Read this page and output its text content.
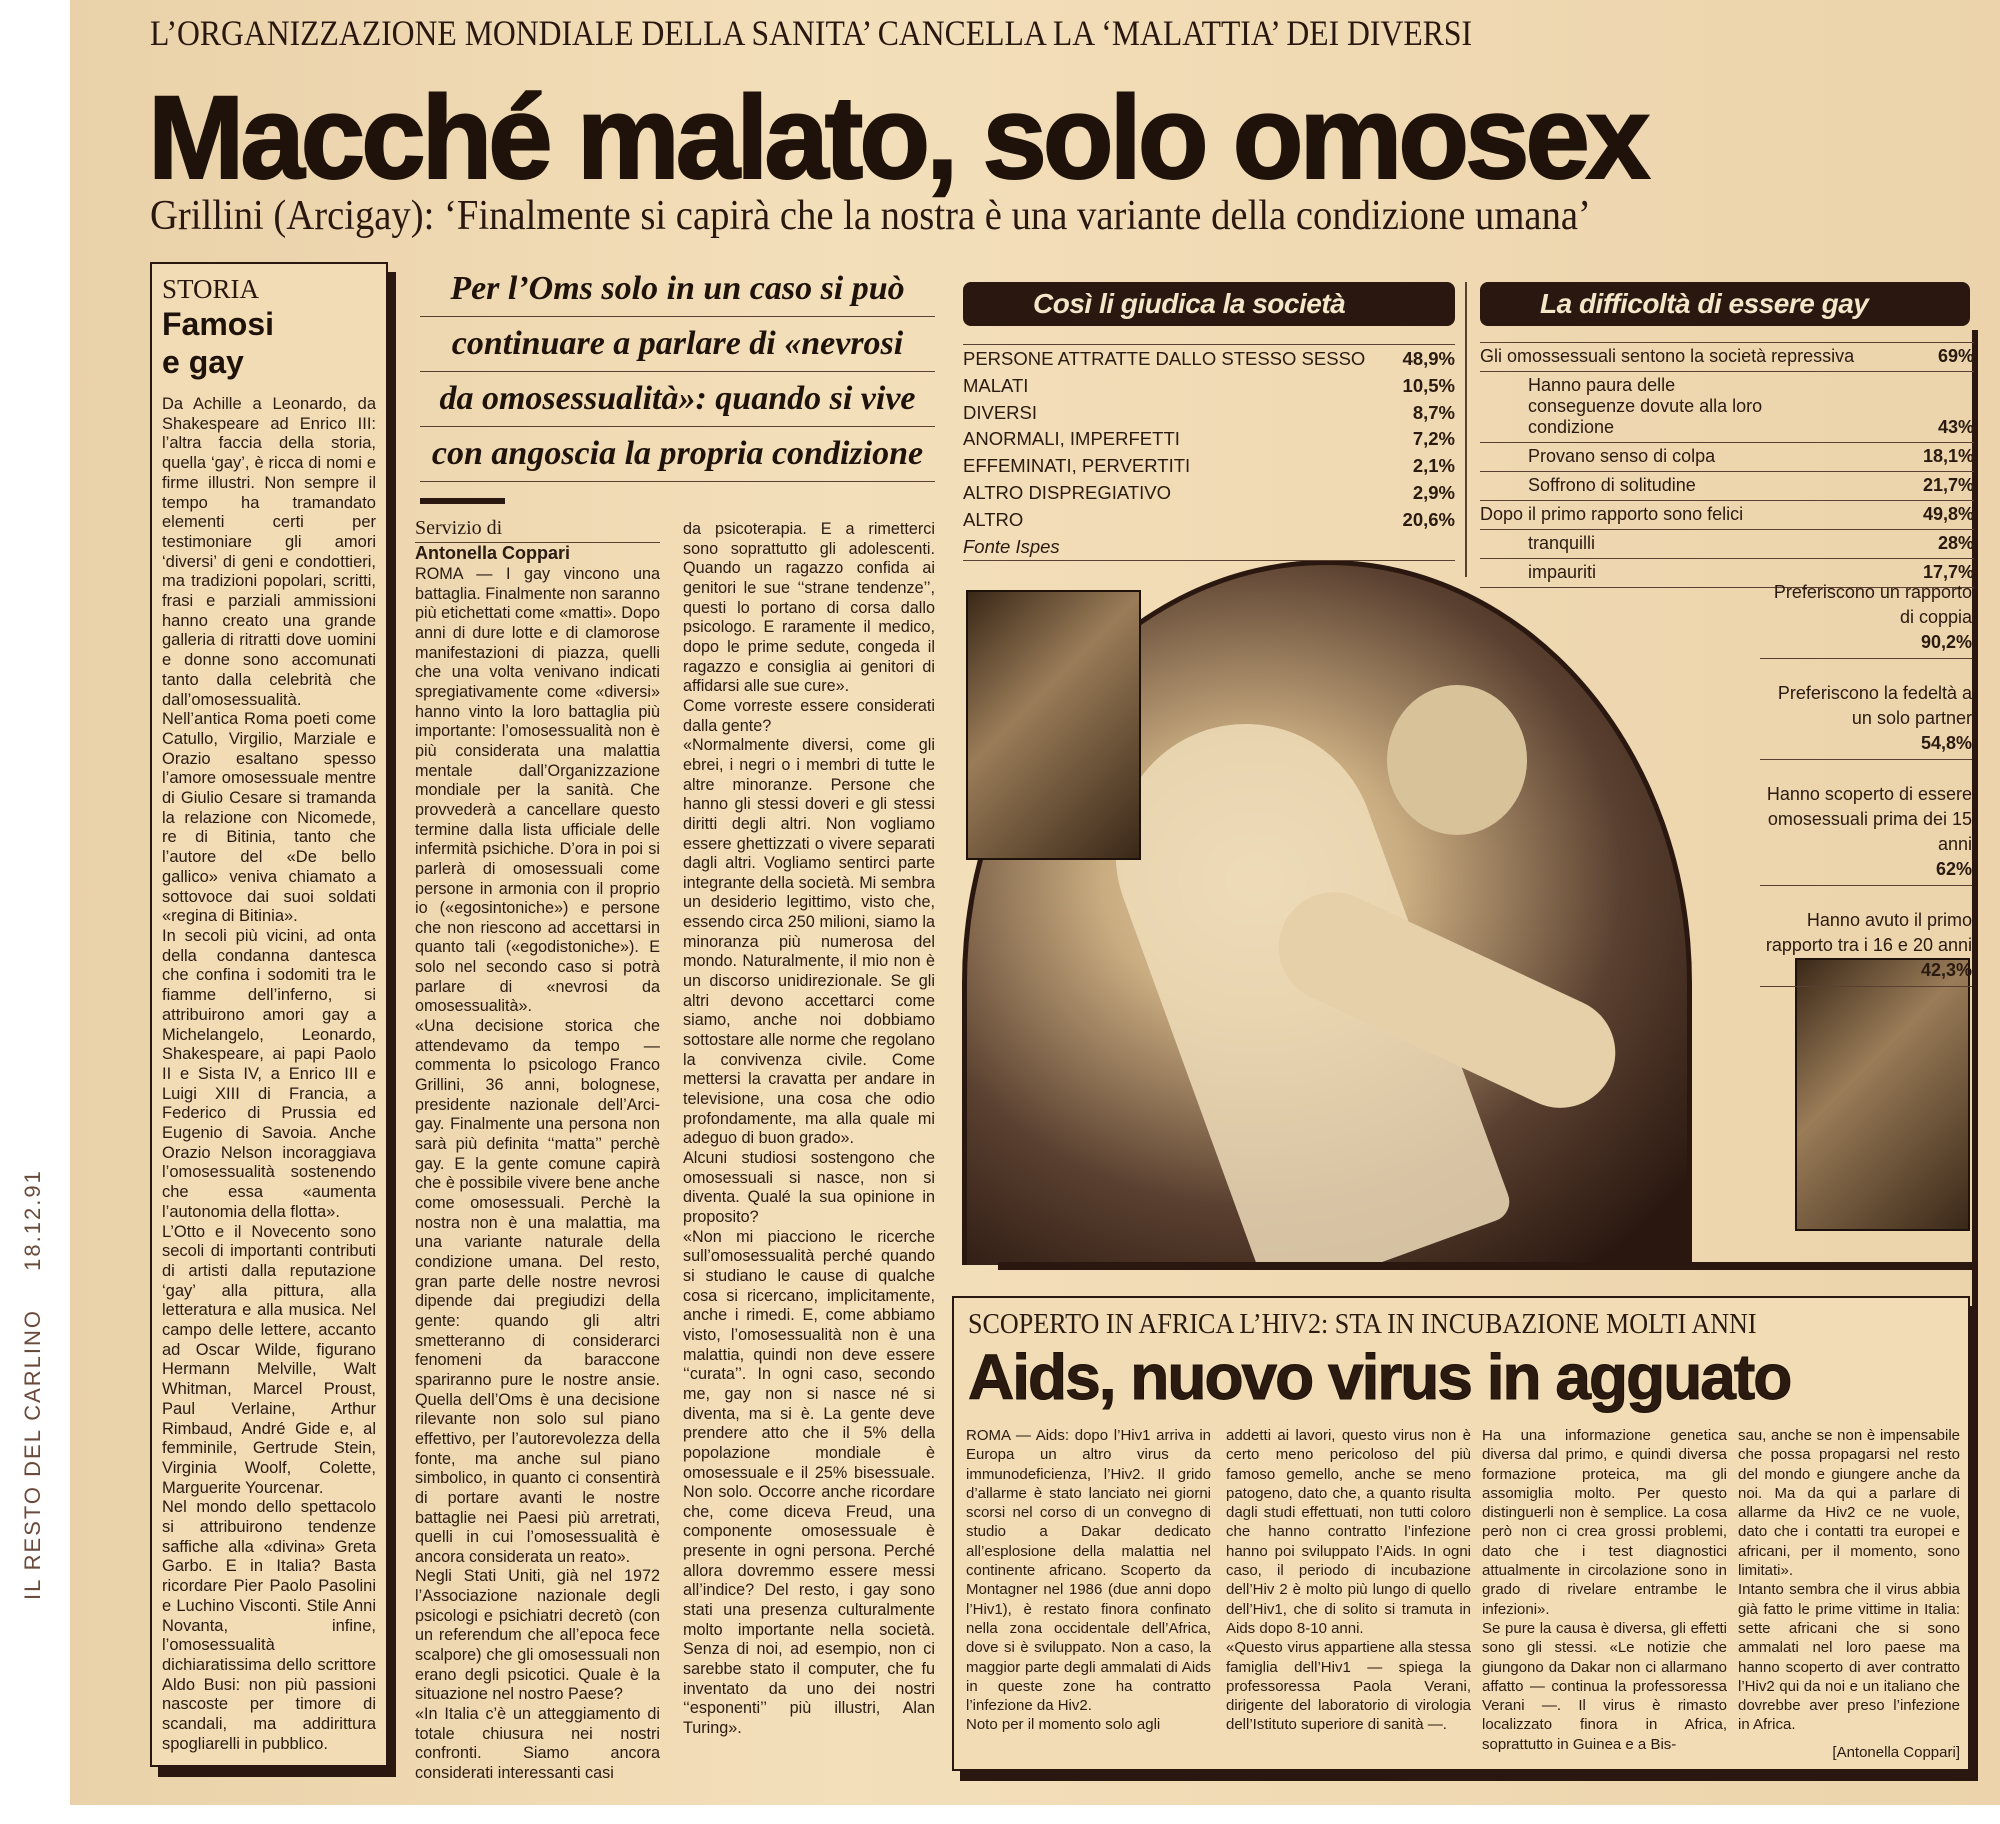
IL RESTO DEL CARLINO 18.12.91
L’ORGANIZZAZIONE MONDIALE DELLA SANITA’ CANCELLA LA ‘MALATTIA’ DEI DIVERSI
Macché malato, solo omosex
Grillini (Arcigay): ‘Finalmente si capirà che la nostra è una variante della condizione umana’
STORIA
Famosi
e gay

Da Achille a Leonardo, da Shakespeare ad Enrico III: l’altra faccia della storia, quella ‘gay’, è ricca di nomi e firme illustri. Non sempre il tempo ha tramandato elementi certi per testimoniare gli amori ‘diversi’ di geni e condottieri, ma tradizioni popolari, scritti, frasi e parziali ammissioni hanno creato una grande galleria di ritratti dove uomini e donne sono accomunati tanto dalla celebrità che dall’omosessualità. Nell’antica Roma poeti come Catullo, Virgilio, Marziale e Orazio esaltano spesso l’amore omosessuale mentre di Giulio Cesare si tramanda la relazione con Nicomede, re di Bitinia, tanto che l’autore del «De bello gallico» veniva chiamato a sottovoce dai suoi soldati «regina di Bitinia».

In secoli più vicini, ad onta della condanna dantesca che confina i sodomiti tra le fiamme dell’inferno, si attribuirono amori gay a Michelangelo, Leonardo, Shakespeare, ai papi Paolo II e Sista IV, a Enrico III e Luigi XIII di Francia, a Federico di Prussia ed Eugenio di Savoia. Anche Orazio Nelson incoraggiava l’omosessualità sostenendo che essa «aumenta l’autonomia della flotta».

L’Otto e il Novecento sono secoli di importanti contributi di artisti dalla reputazione ‘gay’ alla pittura, alla letteratura e alla musica. Nel campo delle lettere, accanto ad Oscar Wilde, figurano Hermann Melville, Walt Whitman, Marcel Proust, Paul Verlaine, Arthur Rimbaud, André Gide e, al femminile, Gertrude Stein, Virginia Woolf, Colette, Marguerite Yourcenar.

Nel mondo dello spettacolo si attribuirono tendenze saffiche alla «divina» Greta Garbo. E in Italia? Basta ricordare Pier Paolo Pasolini e Luchino Visconti. Stile Anni Novanta, infine, l’omosessualità dichiaratissima dello scrittore Aldo Busi: non più passioni nascoste per timore di scandali, ma addirittura spogliarelli in pubblico.

Per l’Oms solo in un caso si può
continuare a parlare di «nevrosi
da omosessualità»: quando si vive
con angoscia la propria condizione
Servizio di
Antonella Coppari

ROMA — I gay vincono una battaglia. Finalmente non saranno più etichettati come «matti». Dopo anni di dure lotte e di clamorose manifestazioni di piazza, quelli che una volta venivano indicati spregiativamente come «diversi» hanno vinto la loro battaglia più importante: l’omosessualità non è più considerata una malattia mentale dall’Organizzazione mondiale per la sanità. Che provvederà a cancellare questo termine dalla lista ufficiale delle infermità psichiche. D’ora in poi si parlerà di omosessuali come persone in armonia con il proprio io («egosintoniche») e persone che non riescono ad accettarsi in quanto tali («egodistoniche»). E solo nel secondo caso si potrà parlare di «nevrosi da omosessualità».

«Una decisione storica che attendevamo da tempo — commenta lo psicologo Franco Grillini, 36 anni, bolognese, presidente nazionale dell’Arci-gay. Finalmente una persona non sarà più definita ‘‘matta’’ perchè gay. E la gente comune capirà che è possibile vivere bene anche come omosessuali. Perchè la nostra non è una malattia, ma una variante naturale della condizione umana. Del resto, gran parte delle nostre nevrosi dipende dai pregiudizi della gente: quando gli altri smetteranno di considerarci fenomeni da baraccone spariranno pure le nostre ansie. Quella dell’Oms è una decisione rilevante non solo sul piano effettivo, per l’autorevolezza della fonte, ma anche sul piano simbolico, in quanto ci consentirà di portare avanti le nostre battaglie nei Paesi più arretrati, quelli in cui l’omosessualità è ancora considerata un reato».

Negli Stati Uniti, già nel 1972 l’Associazione nazionale degli psicologi e psichiatri decretò (con un referendum che all’epoca fece scalpore) che gli omosessuali non erano degli psicotici. Quale è la situazione nel nostro Paese?

«In Italia c’è un atteggiamento di totale chiusura nei nostri confronti. Siamo ancora considerati interessanti casi

da psicoterapia. E a rimetterci sono soprattutto gli adolescenti. Quando un ragazzo confida ai genitori le sue ‘‘strane tendenze’’, questi lo portano di corsa dallo psicologo. E raramente il medico, dopo le prime sedute, congeda il ragazzo e consiglia ai genitori di affidarsi alle sue cure».

Come vorreste essere considerati dalla gente?

«Normalmente diversi, come gli ebrei, i negri o i membri di tutte le altre minoranze. Persone che hanno gli stessi doveri e gli stessi diritti degli altri. Non vogliamo essere ghettizzati o vivere separati dagli altri. Vogliamo sentirci parte integrante della società. Mi sembra un desiderio legittimo, visto che, essendo circa 250 milioni, siamo la minoranza più numerosa del mondo. Naturalmente, il mio non è un discorso unidirezionale. Se gli altri devono accettarci come siamo, anche noi dobbiamo sottostare alle norme che regolano la convivenza civile. Come mettersi la cravatta per andare in televisione, una cosa che odio profondamente, ma alla quale mi adeguo di buon grado».

Alcuni studiosi sostengono che omosessuali si nasce, non si diventa. Qualé la sua opinione in proposito?

«Non mi piacciono le ricerche sull’omosessualità perché quando si studiano le cause di qualche cosa si ricercano, implicitamente, anche i rimedi. E, come abbiamo visto, l’omosessualità non è una malattia, quindi non deve essere ‘‘curata’’. In ogni caso, secondo me, gay non si nasce né si diventa, ma si è. La gente deve prendere atto che il 5% della popolazione mondiale è omosessuale e il 25% bisessuale. Non solo. Occorre anche ricordare che, come diceva Freud, una componente omosessuale è presente in ogni persona. Perché allora dovremmo essere messi all’indice? Del resto, i gay sono stati una presenza culturalmente molto importante nella società. Senza di noi, ad esempio, non ci sarebbe stato il computer, che fu inventato da uno dei nostri ‘‘esponenti’’ più illustri, Alan Turing».

Così li giudica la società
PERSONE ATTRATTE DALLO STESSO SESSO 48,9%
MALATI	10,5%
DIVERSI	8,7%
ANORMALI, IMPERFETTI	7,2%
EFFEMINATI, PERVERTITI	2,1%
ALTRO DISPREGIATIVO	2,9%
ALTRO	20,6%
Fonte Ispes
La difficoltà di essere gay
Gli omossessuali sentono la società repressiva	69%
Hanno paura delle conseguenze dovute alla loro condizione	43%
Provano senso di colpa	18,1%
Soffrono di solitudine	21,7%
Dopo il primo rapporto sono felici	49,8%
tranquilli	28%
impauriti	17,7%
Preferiscono un rapporto di coppia
90,2%
Preferiscono la fedeltà a un solo partner
54,8%
Hanno scoperto di essere omosessuali prima dei 15 anni
62%
Hanno avuto il primo rapporto tra i 16 e 20 anni
42,3%
SCOPERTO IN AFRICA L’HIV2: STA IN INCUBAZIONE MOLTI ANNI
Aids, nuovo virus in agguato

ROMA — Aids: dopo l’Hiv1 arriva in Europa un altro virus da immunodeficienza, l’Hiv2. Il grido d’allarme è stato lanciato nei giorni scorsi nel corso di un convegno di studio a Dakar dedicato all’esplosione della malattia nel continente africano. Scoperto da Montagner nel 1986 (due anni dopo l’Hiv1), è restato finora confinato nella zona occidentale dell’Africa, dove si è sviluppato. Non a caso, la maggior parte degli ammalati di Aids in queste zone ha contratto l’infezione da Hiv2.

Noto per il momento solo agli

addetti ai lavori, questo virus non è certo meno pericoloso del più famoso gemello, anche se meno patogeno, dato che, a quanto risulta dagli studi effettuati, non tutti coloro che hanno contratto l’infezione hanno poi sviluppato l’Aids. In ogni caso, il periodo di incubazione dell’Hiv 2 è molto più lungo di quello dell’Hiv1, che di solito si tramuta in Aids dopo 8-10 anni.

«Questo virus appartiene alla stessa famiglia dell’Hiv1 — spiega la professoressa Paola Verani, dirigente del laboratorio di virologia dell’Istituto superiore di sanità —.

Ha una informazione genetica diversa dal primo, e quindi diversa formazione proteica, ma gli assomiglia molto. Per questo distinguerli non è semplice. La cosa però non ci crea grossi problemi, dato che i test diagnostici attualmente in circolazione sono in grado di rivelare entrambe le infezioni».

Se pure la causa è diversa, gli effetti sono gli stessi. «Le notizie che giungono da Dakar non ci allarmano affatto — continua la professoressa Verani —. Il virus è rimasto localizzato finora in Africa, soprattutto in Guinea e a Bis-

sau, anche se non è impensabile che possa propagarsi nel resto del mondo e giungere anche da noi. Ma da qui a parlare di allarme da Hiv2 ce ne vuole, dato che i contatti tra europei e africani, per il momento, sono limitati».

Intanto sembra che il virus abbia già fatto le prime vittime in Italia: sette africani che si sono ammalati nel loro paese ma hanno scoperto di aver contratto l’Hiv2 qui da noi e un italiano che dovrebbe aver preso l’infezione in Africa.

[Antonella Coppari]
